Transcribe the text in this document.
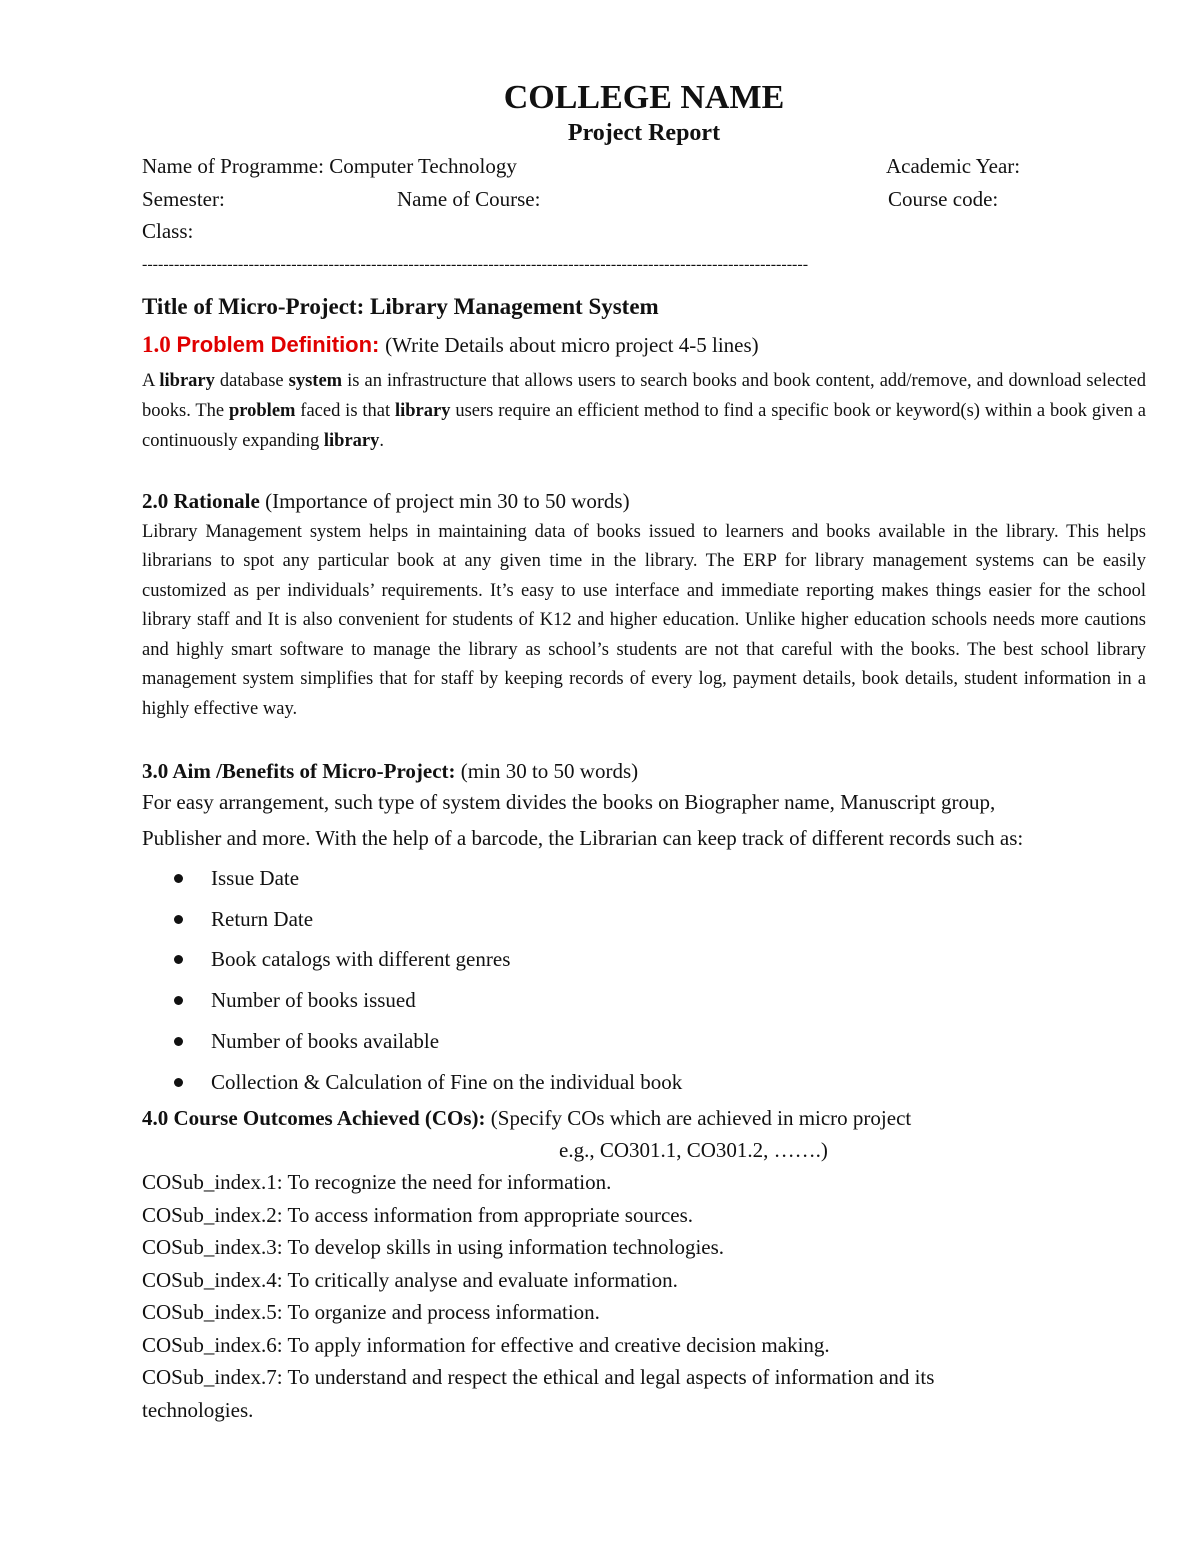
COLLEGE NAME
Project Report
Name of Programme: Computer Technology	Academic Year:
Semester:	Name of Course:	Course code:
Class:
-----------------------------------------------------------------------------------------------------------------------------
Title of Micro-Project: Library Management System
1.0 Problem Definition: (Write Details about micro project 4-5 lines)

A library database system is an infrastructure that allows users to search books and book content, add/remove, and download selected books. The problem faced is that library users require an efficient method to find a specific book or keyword(s) within a book given a continuously expanding library.

2.0 Rationale (Importance of project min 30 to 50 words)

Library Management system helps in maintaining data of books issued to learners and books available in the library. This helps librarians to spot any particular book at any given time in the library. The ERP for library management systems can be easily customized as per individuals’ requirements. It’s easy to use interface and immediate reporting makes things easier for the school library staff and It is also convenient for students of K12 and higher education. Unlike higher education schools needs more cautions and highly smart software to manage the library as school’s students are not that careful with the books. The best school library management system simplifies that for staff by keeping records of every log, payment details, book details, student information in a highly effective way.

3.0 Aim /Benefits of Micro-Project: (min 30 to 50 words)

For easy arrangement, such type of system divides the books on Biographer name, Manuscript group,

Publisher and more. With the help of a barcode, the Librarian can keep track of different records such as:

Issue Date
Return Date
Book catalogs with different genres
Number of books issued
Number of books available
Collection & Calculation of Fine on the individual book
4.0 Course Outcomes Achieved (COs): (Specify COs which are achieved in micro project
e.g., CO301.1, CO301.2, …….)
COSub_index.1: To recognize the need for information.
COSub_index.2: To access information from appropriate sources.
COSub_index.3: To develop skills in using information technologies.
COSub_index.4: To critically analyse and evaluate information.
COSub_index.5: To organize and process information.
COSub_index.6: To apply information for effective and creative decision making.
COSub_index.7: To understand and respect the ethical and legal aspects of information and its technologies.
